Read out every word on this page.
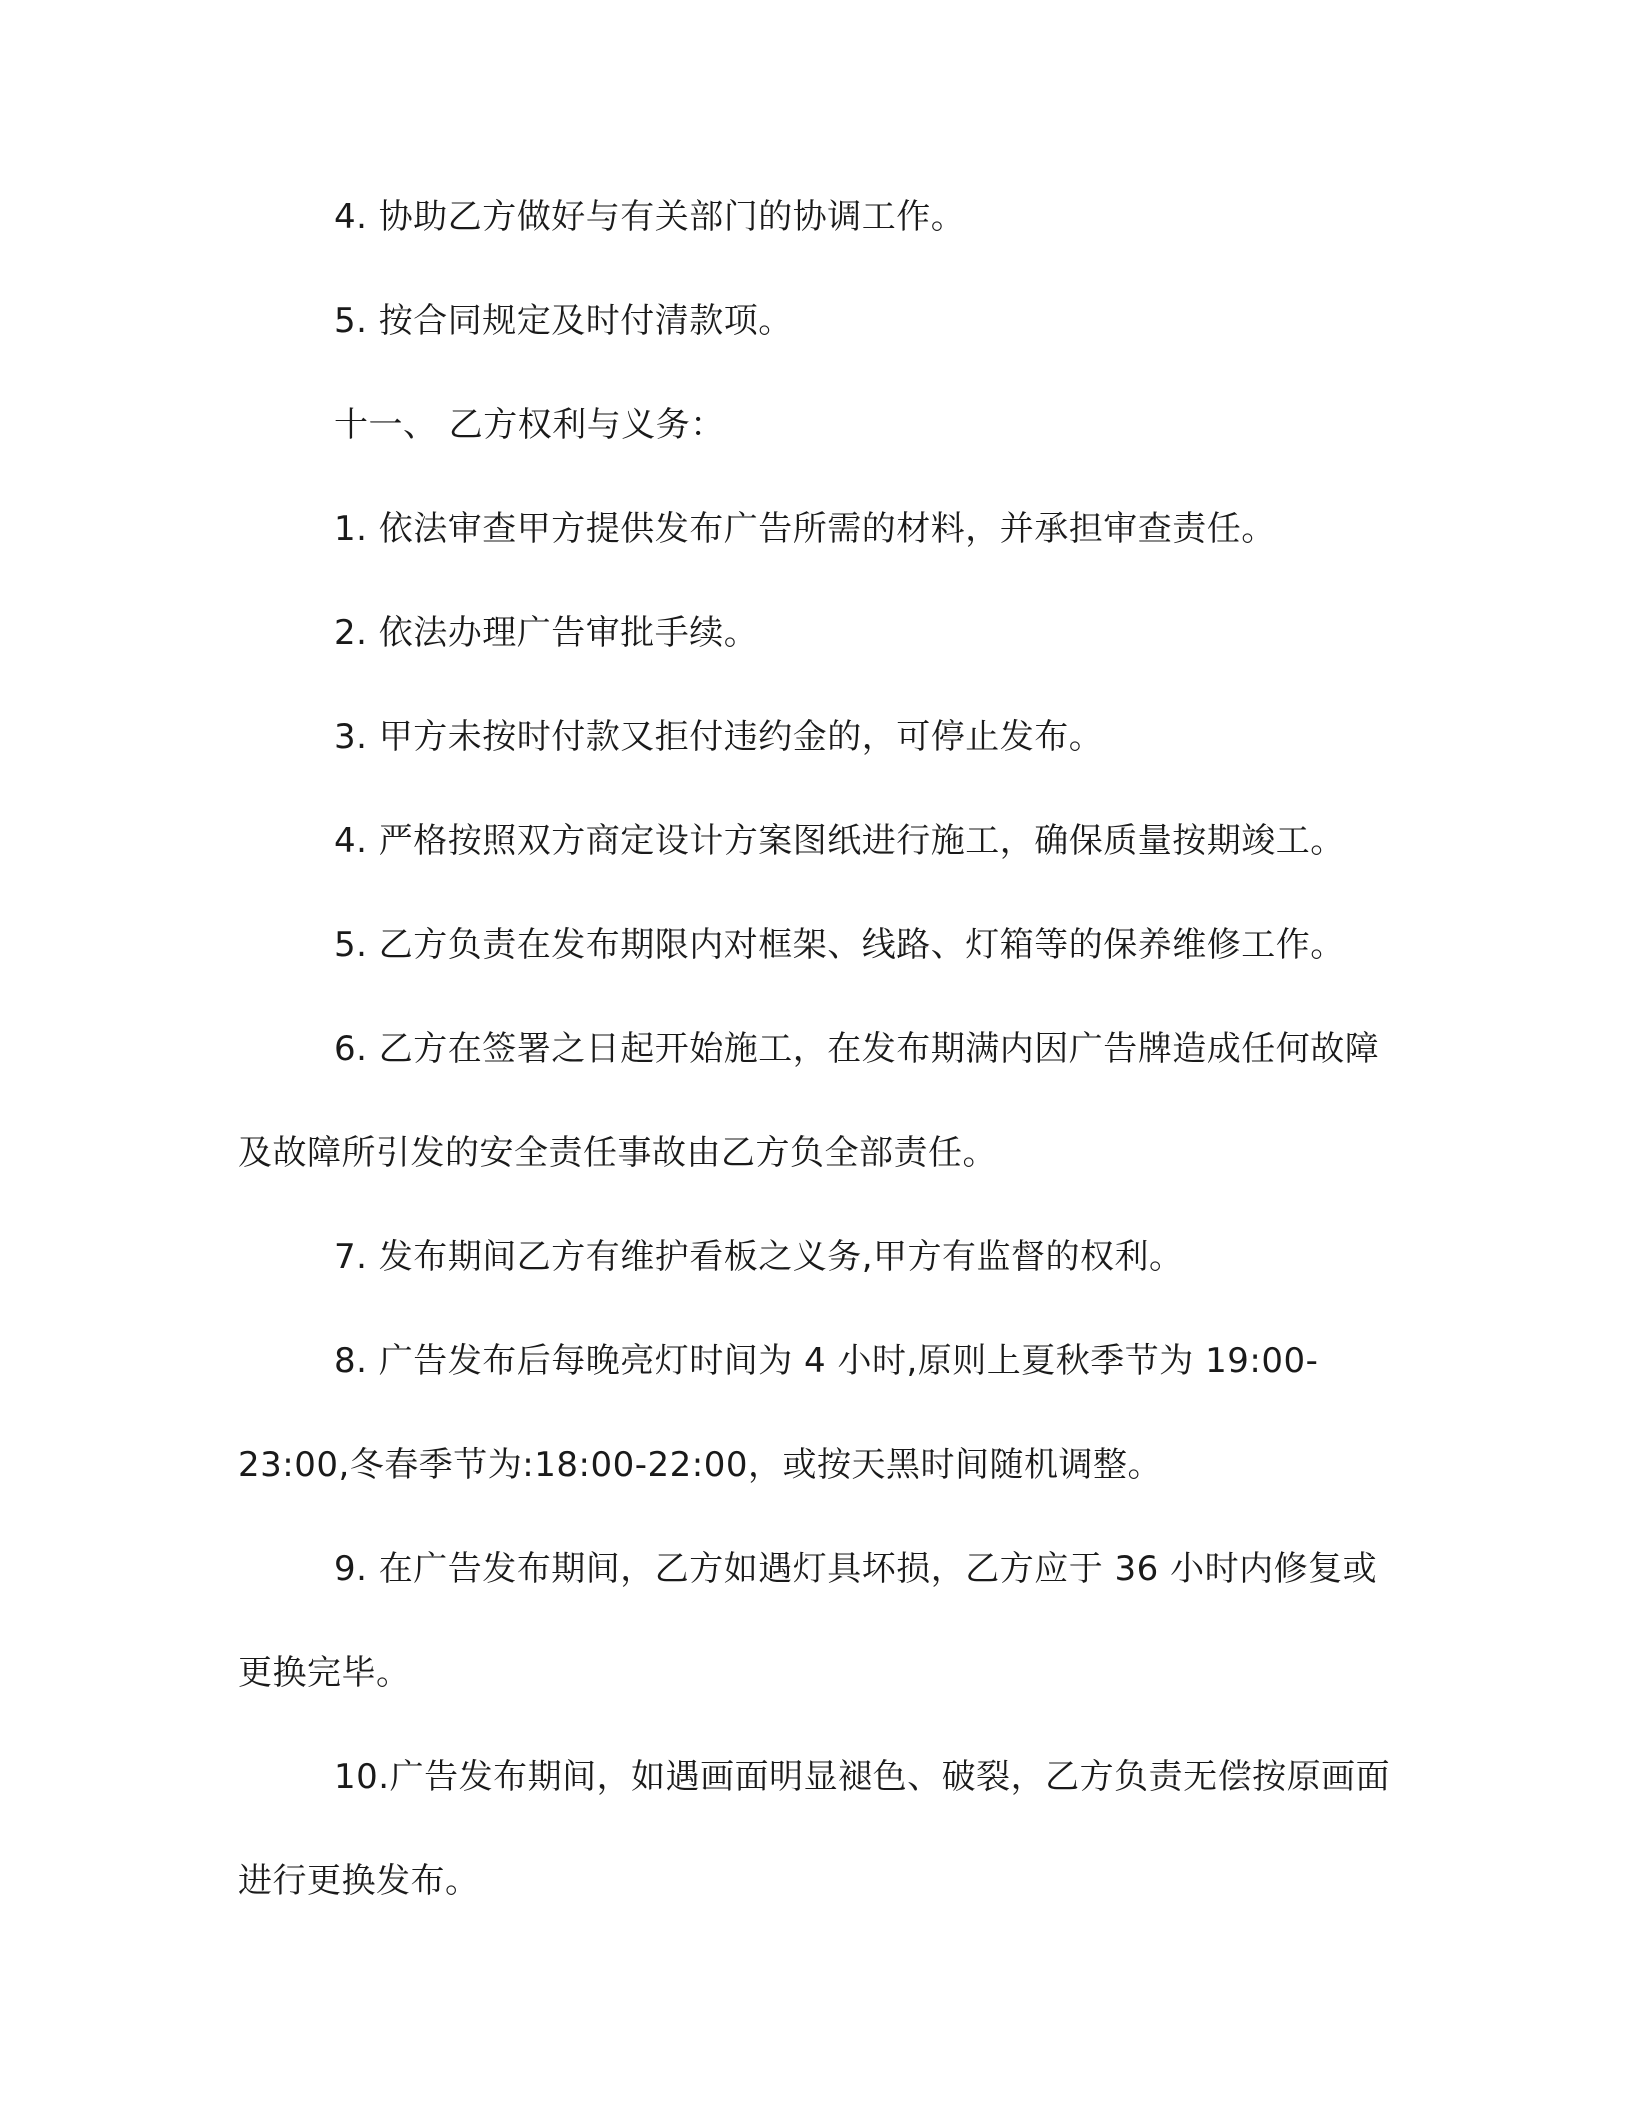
4. 协助乙方做好与有关部门的协调工作。

5. 按合同规定及时付清款项。

十一、 乙方权利与义务：

1. 依法审查甲方提供发布广告所需的材料，并承担审查责任。

2. 依法办理广告审批手续。

3. 甲方未按时付款又拒付违约金的，可停止发布。

4. 严格按照双方商定设计方案图纸进行施工，确保质量按期竣工。

5. 乙方负责在发布期限内对框架、线路、灯箱等的保养维修工作。

6. 乙方在签署之日起开始施工，在发布期满内因广告牌造成任何故障及故障所引发的安全责任事故由乙方负全部责任。

7. 发布期间乙方有维护看板之义务,甲方有监督的权利。

8. 广告发布后每晚亮灯时间为 4 小时,原则上夏秋季节为 19:00-23:00,冬春季节为:18:00-22:00，或按天黑时间随机调整。

9. 在广告发布期间，乙方如遇灯具坏损，乙方应于 36 小时内修复或更换完毕。

10.广告发布期间，如遇画面明显褪色、破裂，乙方负责无偿按原画面进行更换发布。
